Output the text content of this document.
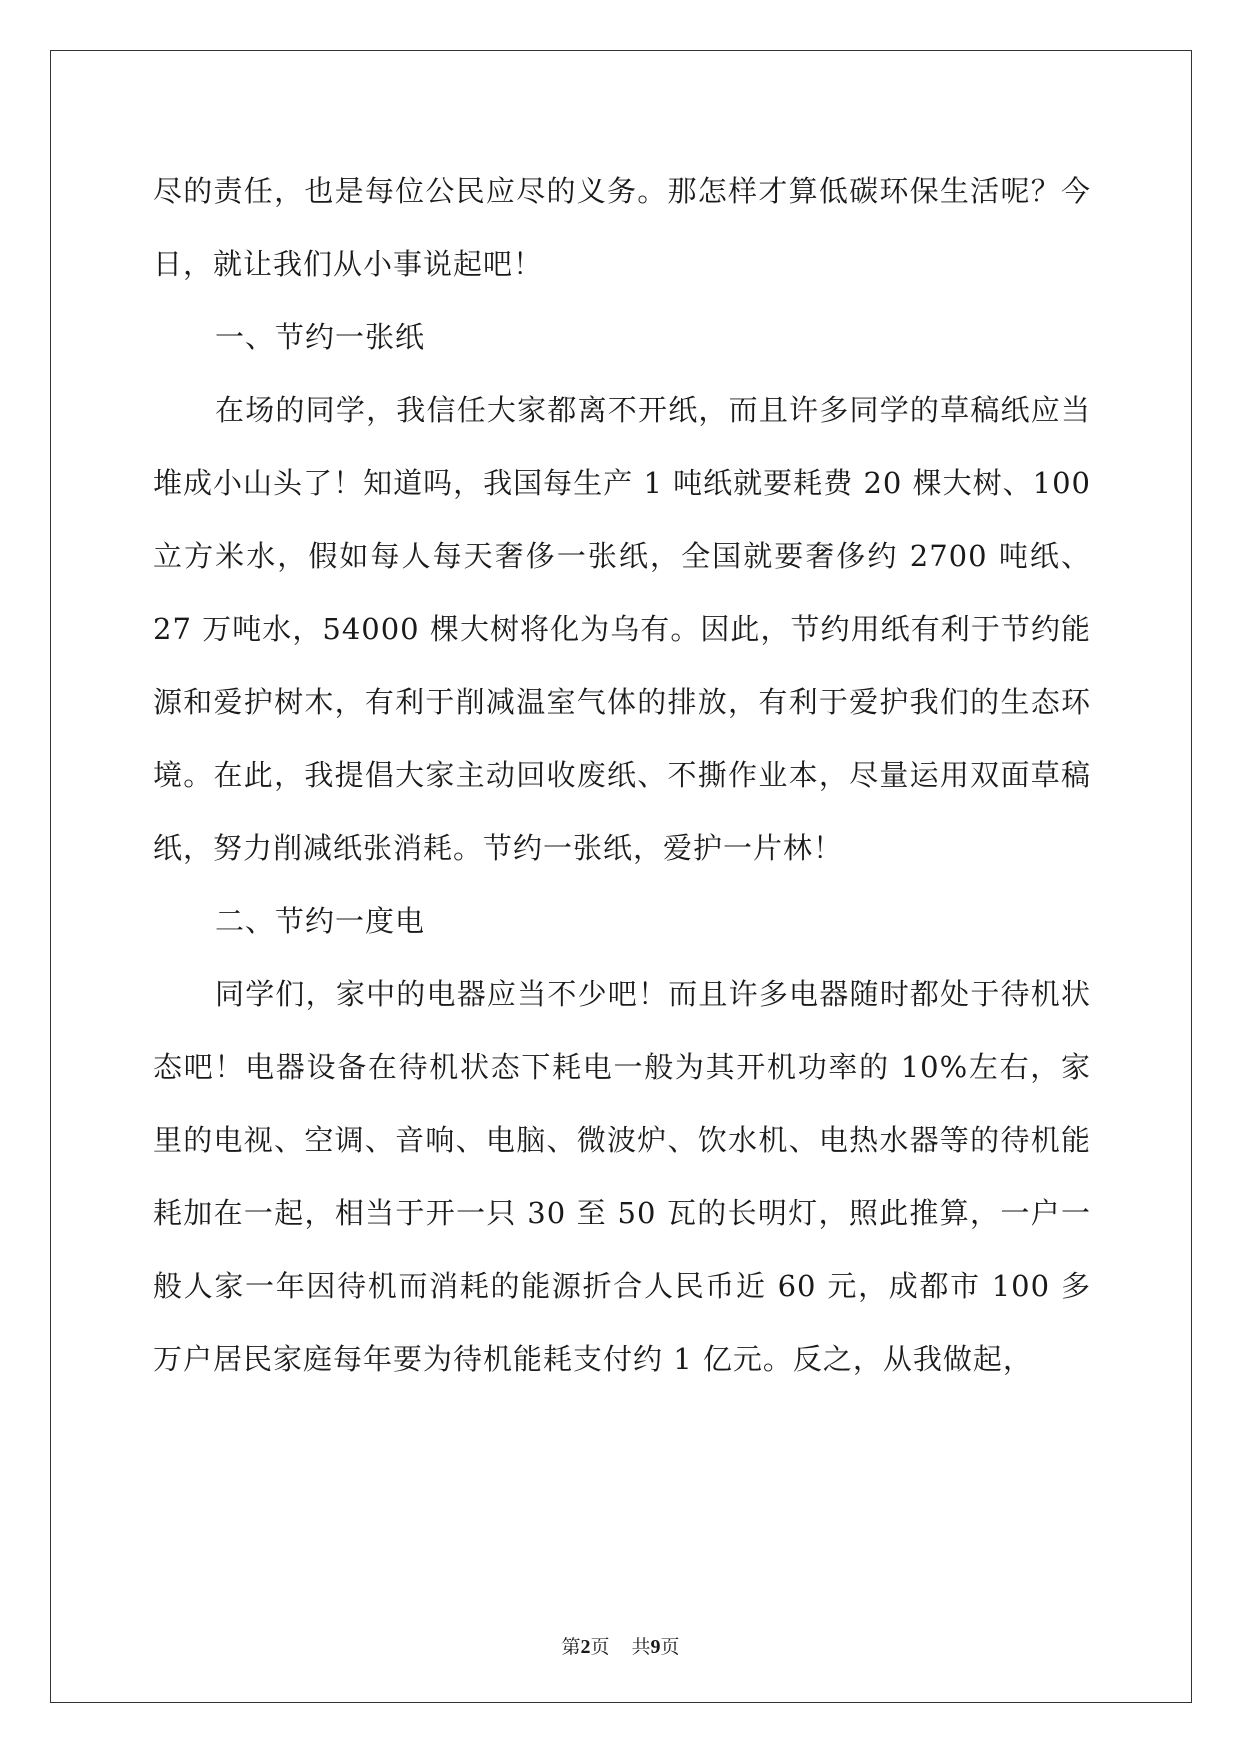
尽的责任，也是每位公民应尽的义务。那怎样才算低碳环保生活呢？今日，就让我们从小事说起吧！

一、节约一张纸

在场的同学，我信任大家都离不开纸，而且许多同学的草稿纸应当堆成小山头了！知道吗，我国每生产 1 吨纸就要耗费 20 棵大树、100 立方米水，假如每人每天奢侈一张纸，全国就要奢侈约 2700 吨纸、27 万吨水，54000 棵大树将化为乌有。因此，节约用纸有利于节约能源和爱护树木，有利于削减温室气体的排放，有利于爱护我们的生态环境。在此，我提倡大家主动回收废纸、不撕作业本，尽量运用双面草稿纸，努力削减纸张消耗。节约一张纸，爱护一片林！

二、节约一度电

同学们，家中的电器应当不少吧！而且许多电器随时都处于待机状态吧！电器设备在待机状态下耗电一般为其开机功率的 10%左右，家里的电视、空调、音响、电脑、微波炉、饮水机、电热水器等的待机能耗加在一起，相当于开一只 30 至 50 瓦的长明灯，照此推算，一户一般人家一年因待机而消耗的能源折合人民币近 60 元，成都市 100 多万户居民家庭每年要为待机能耗支付约 1 亿元。反之，从我做起，

第2页 共9页
